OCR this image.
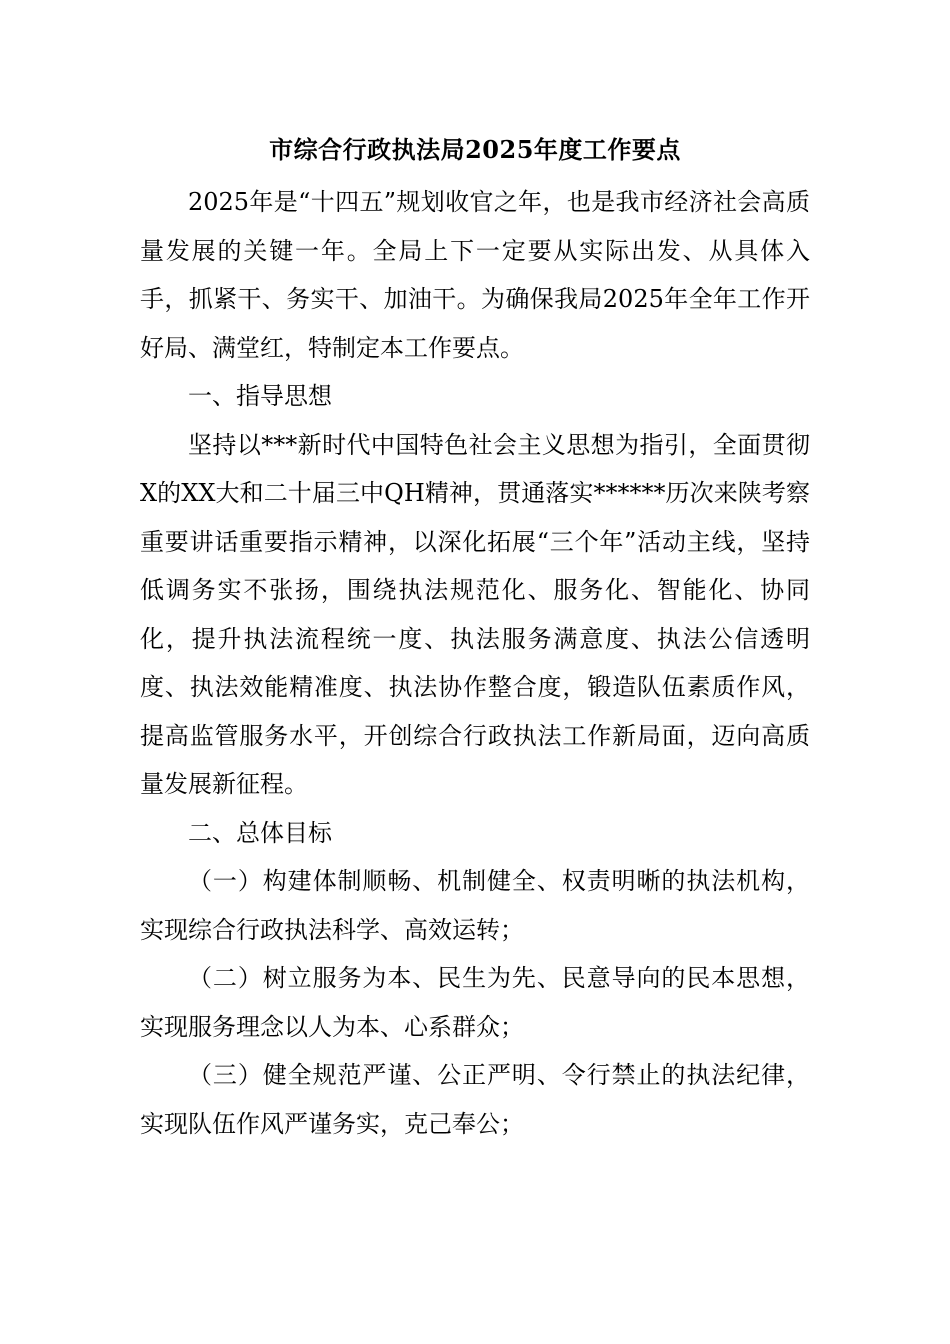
市综合行政执法局2025年度工作要点

2025年是“十四五”规划收官之年，也是我市经济社会高质量发展的关键一年。全局上下一定要从实际出发、从具体入手，抓紧干、务实干、加油干。为确保我局2025年全年工作开好局、满堂红，特制定本工作要点。

一、指导思想

坚持以***新时代中国特色社会主义思想为指引，全面贯彻X的XX大和二十届三中QH精神，贯通落实******历次来陕考察重要讲话重要指示精神，以深化拓展“三个年”活动主线，坚持低调务实不张扬，围绕执法规范化、服务化、智能化、协同化，提升执法流程统一度、执法服务满意度、执法公信透明度、执法效能精准度、执法协作整合度，锻造队伍素质作风，提高监管服务水平，开创综合行政执法工作新局面，迈向高质量发展新征程。

二、总体目标

（一）构建体制顺畅、机制健全、权责明晰的执法机构，实现综合行政执法科学、高效运转；

（二）树立服务为本、民生为先、民意导向的民本思想，实现服务理念以人为本、心系群众；

（三）健全规范严谨、公正严明、令行禁止的执法纪律，实现队伍作风严谨务实，克己奉公；
